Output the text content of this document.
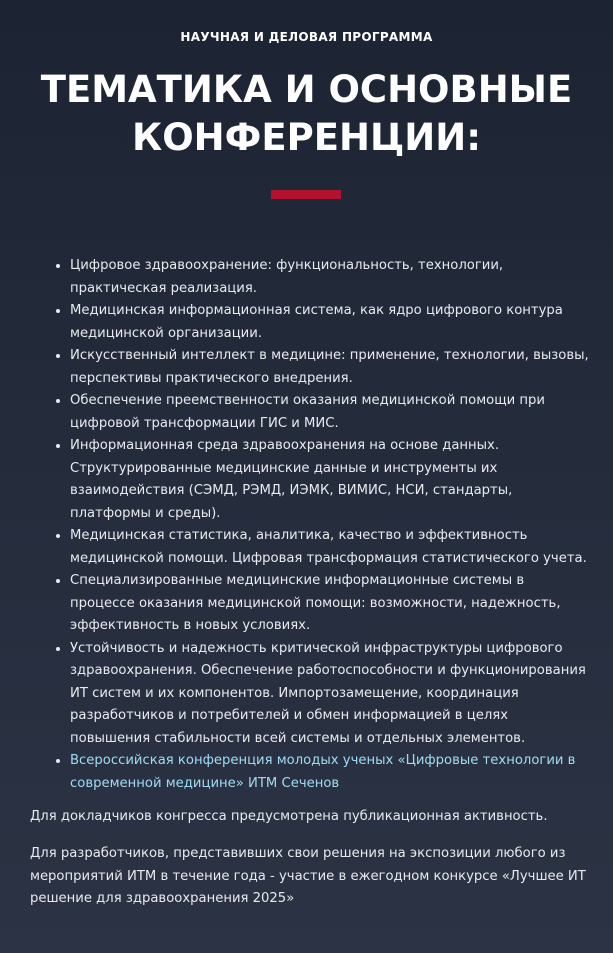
НАУЧНАЯ И ДЕЛОВАЯ ПРОГРАММА

ТЕМАТИКА И ОСНОВНЫЕ КОНФЕРЕНЦИИ:
• Цифровое здравоохранение: функциональность, технологии, практическая реализация.
• Медицинская информационная система, как ядро цифрового контура медицинской организации.
• Искусственный интеллект в медицине: применение, технологии, вызовы, перспективы практического внедрения.
• Обеспечение преемственности оказания медицинской помощи при цифровой трансформации ГИС и МИС.
• Информационная среда здравоохранения на основе данных. Структурированные медицинские данные и инструменты их взаимодействия (СЭМД, РЭМД, ИЭМК, ВИМИС, НСИ, стандарты, платформы и среды).
• Медицинская статистика, аналитика, качество и эффективность медицинской помощи. Цифровая трансформация статистического учета.
• Специализированные медицинские информационные системы в процессе оказания медицинской помощи: возможности, надежность, эффективность в новых условиях.
• Устойчивость и надежность критической инфраструктуры цифрового здравоохранения. Обеспечение работоспособности и функционирования ИТ систем и их компонентов. Импортозамещение, координация разработчиков и потребителей и обмен информацией в целях повышения стабильности всей системы и отдельных элементов.
• Всероссийская конференция молодых ученых «Цифровые технологии в современной медицине» ИТМ Сеченов

Для докладчиков конгресса предусмотрена публикационная активность.

Для разработчиков, представивших свои решения на экспозиции любого из мероприятий ИТМ в течение года - участие в ежегодном конкурсе «Лучшее ИТ решение для здравоохранения 2025»
